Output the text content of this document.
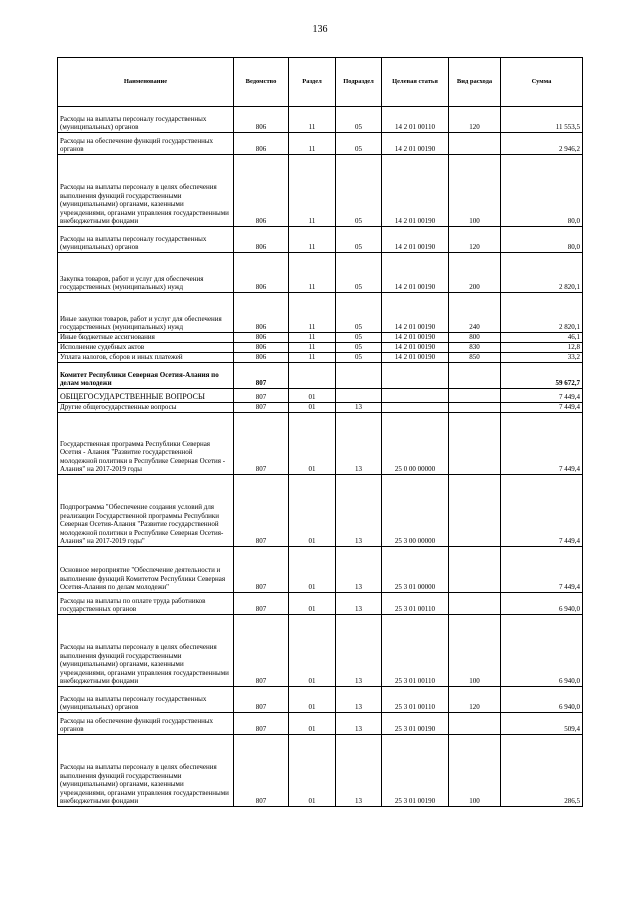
136
Наименование	Ведомство	Раздел	Подраздел	Целевая статья	Вид расхода	Сумма
Расходы на выплаты персоналу государственных (муниципальных) органов	806	11	05	14 2 01 00110	120	11 553,5
Расходы на обеспечение функций государственных органов	806	11	05	14 2 01 00190		2 946,2
Расходы на выплаты персоналу в целях обеспечения выполнения функций государственными (муниципальными) органами, казенными учреждениями, органами управления государственными внебюджетными фондами	806	11	05	14 2 01 00190	100	80,0
Расходы на выплаты персоналу государственных (муниципальных) органов	806	11	05	14 2 01 00190	120	80,0
Закупка товаров, работ и услуг для обеспечения государственных (муниципальных) нужд	806	11	05	14 2 01 00190	200	2 820,1
Иные закупки товаров, работ и услуг для обеспечения государственных (муниципальных) нужд	806	11	05	14 2 01 00190	240	2 820,1
Иные бюджетные ассигнования	806	11	05	14 2 01 00190	800	46,1
Исполнение судебных актов	806	11	05	14 2 01 00190	830	12,8
Уплата налогов, сборов и иных платежей	806	11	05	14 2 01 00190	850	33,2
Комитет Республики Северная Осетия-Алания по делам молодежи	807					59 672,7
ОБЩЕГОСУДАРСТВЕННЫЕ ВОПРОСЫ	807	01				7 449,4
Другие общегосударственные вопросы	807	01	13			7 449,4
Государственная программа Республики Северная Осетия - Алания "Развитие государственной молодежной политики в Республике Северная Осетия - Алания" на 2017-2019 годы	807	01	13	25 0 00 00000		7 449,4
Подпрограмма "Обеспечение создания условий для реализации Государственной программы Республики Северная Осетия-Алания "Развитие государственной молодежной политики в Республике Северная Осетия-Алания" на 2017-2019 годы"	807	01	13	25 3 00 00000		7 449,4
Основное мероприятие "Обеспечение деятельности и выполнение функций Комитетом Республики Северная Осетия-Алания по делам молодежи"	807	01	13	25 3 01 00000		7 449,4
Расходы на выплаты по оплате труда работников государственных органов	807	01	13	25 3 01 00110		6 940,0
Расходы на выплаты персоналу в целях обеспечения выполнения функций государственными (муниципальными) органами, казенными учреждениями, органами управления государственными внебюджетными фондами	807	01	13	25 3 01 00110	100	6 940,0
Расходы на выплаты персоналу государственных (муниципальных) органов	807	01	13	25 3 01 00110	120	6 940,0
Расходы на обеспечение функций государственных органов	807	01	13	25 3 01 00190		509,4
Расходы на выплаты персоналу в целях обеспечения выполнения функций государственными (муниципальными) органами, казенными учреждениями, органами управления государственными внебюджетными фондами	807	01	13	25 3 01 00190	100	286,5
